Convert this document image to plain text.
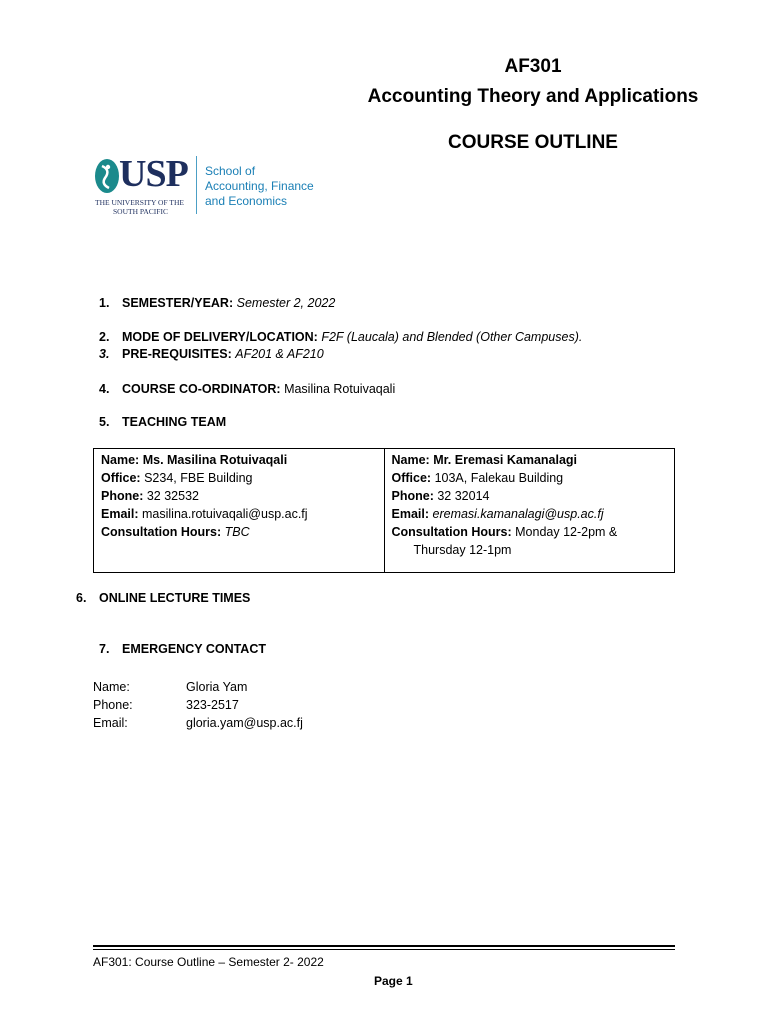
AF301
Accounting Theory and Applications
COURSE OUTLINE
USP
THE UNIVERSITY OF THE
SOUTH PACIFIC
School of
Accounting, Finance
and Economics
1. SEMESTER/YEAR: Semester 2, 2022
2. MODE OF DELIVERY/LOCATION: F2F (Laucala) and Blended (Other Campuses).
3. PRE-REQUISITES: AF201 & AF210
4. COURSE CO-ORDINATOR: Masilina Rotuivaqali
5. TEACHING TEAM
Name: Ms. Masilina Rotuivaqali
Office: S234, FBE Building
Phone: 32 32532
Email: masilina.rotuivaqali@usp.ac.fj
Consultation Hours: TBC

Name: Mr. Eremasi Kamanalagi
Office: 103A, Falekau Building
Phone: 32 32014
Email: eremasi.kamanalagi@usp.ac.fj
Consultation Hours: Monday 12-2pm &
Thursday 12-1pm
6. ONLINE LECTURE TIMES
7. EMERGENCY CONTACT
Name:	Gloria Yam
Phone:	323-2517
Email:	gloria.yam@usp.ac.fj
AF301: Course Outline – Semester 2- 2022
Page 1
